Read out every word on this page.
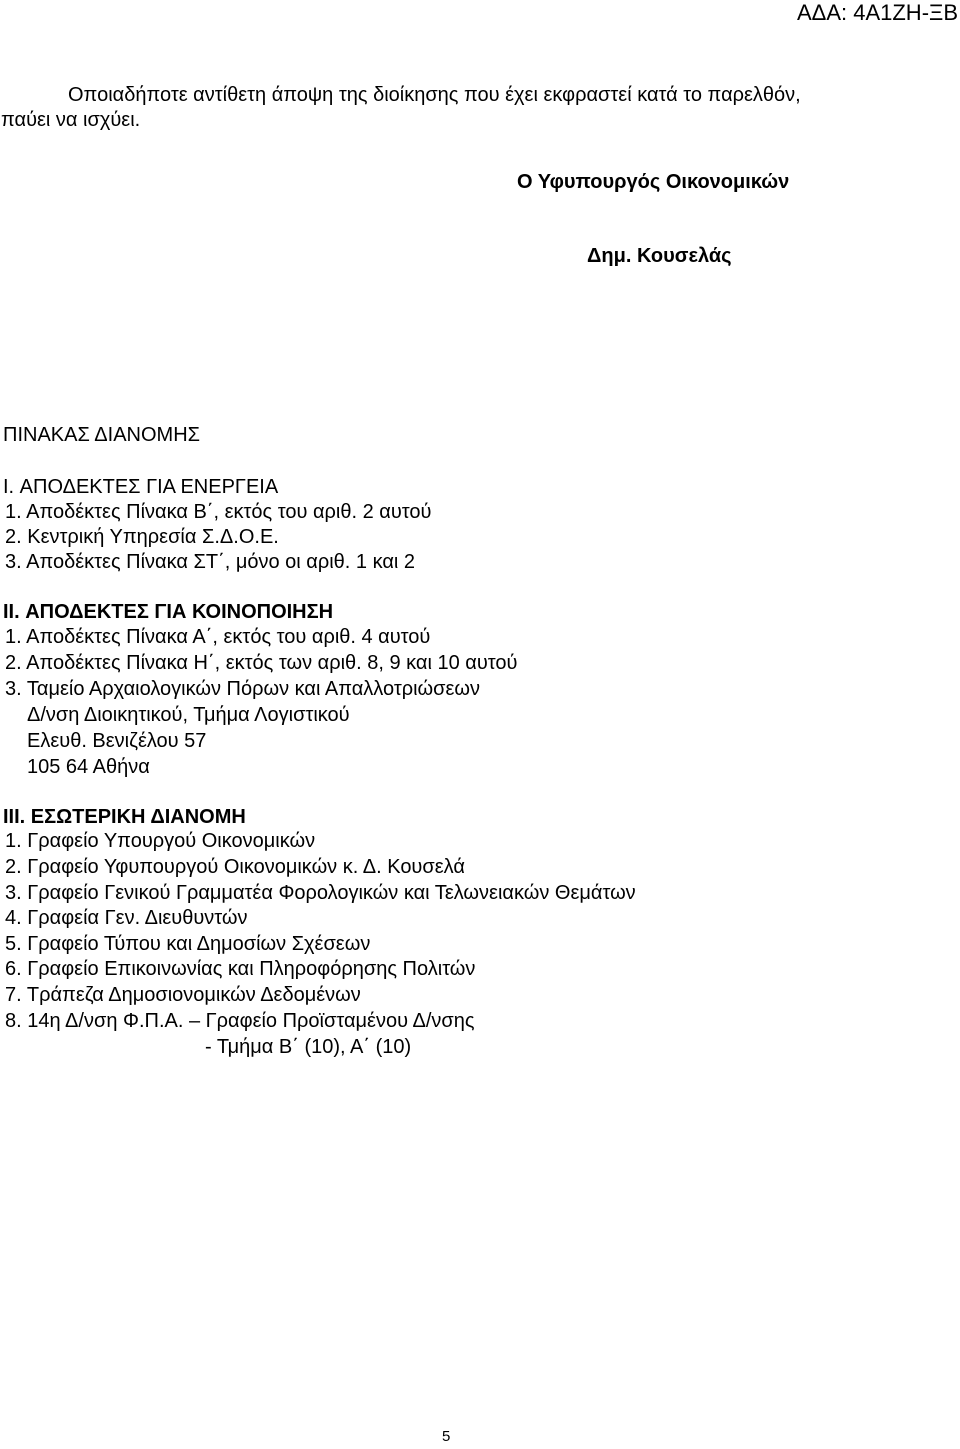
ΑΔΑ: 4Α1ΖΗ-ΞΒ
Οποιαδήποτε αντίθετη άποψη της διοίκησης που έχει εκφραστεί κατά το παρελθόν,
παύει να ισχύει.
Ο Υφυπουργός Οικονομικών
Δημ. Κουσελάς
ΠΙΝΑΚΑΣ ΔΙΑΝΟΜΗΣ
I. ΑΠΟΔΕΚΤΕΣ ΓΙΑ ΕΝΕΡΓΕΙΑ
1. Αποδέκτες Πίνακα Β΄, εκτός του αριθ. 2 αυτού
2. Κεντρική Υπηρεσία Σ.Δ.Ο.Ε.
3. Αποδέκτες Πίνακα ΣΤ΄, μόνο οι αριθ. 1 και 2
II. ΑΠΟΔΕΚΤΕΣ ΓΙΑ ΚΟΙΝΟΠΟΙΗΣΗ
1. Αποδέκτες Πίνακα Α΄, εκτός του αριθ. 4 αυτού
2. Αποδέκτες Πίνακα Η΄, εκτός των αριθ. 8, 9 και 10 αυτού
3. Ταμείο Αρχαιολογικών Πόρων και Απαλλοτριώσεων
Δ/νση Διοικητικού, Τμήμα Λογιστικού
Ελευθ. Βενιζέλου 57
105 64 Αθήνα
III. ΕΣΩΤΕΡΙΚΗ ΔΙΑΝΟΜΗ
1. Γραφείο Υπουργού Οικονομικών
2. Γραφείο Υφυπουργού Οικονομικών κ. Δ. Κουσελά
3. Γραφείο Γενικού Γραμματέα Φορολογικών και Τελωνειακών Θεμάτων
4. Γραφεία Γεν. Διευθυντών
5. Γραφείο Τύπου και Δημοσίων Σχέσεων
6. Γραφείο Επικοινωνίας και Πληροφόρησης Πολιτών
7. Τράπεζα Δημοσιονομικών Δεδομένων
8. 14η Δ/νση Φ.Π.Α. – Γραφείο Προϊσταμένου Δ/νσης
- Τμήμα Β΄ (10), Α΄ (10)
5
